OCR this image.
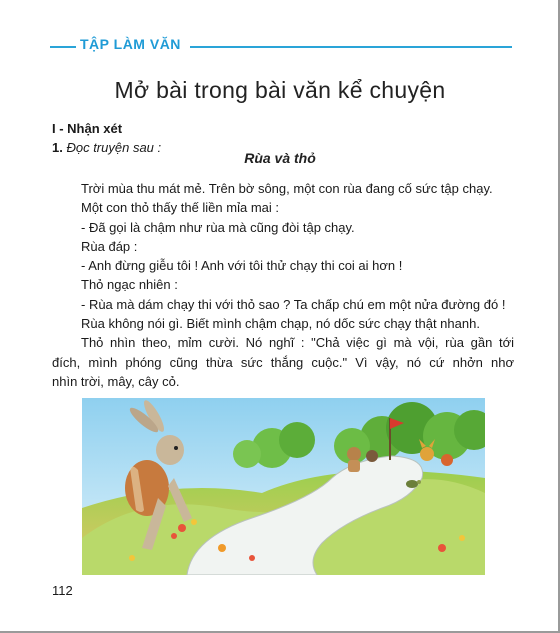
TẬP LÀM VĂN
Mở bài trong bài văn kể chuyện
I - Nhận xét
1. Đọc truyện sau :
Rùa và thỏ
Trời mùa thu mát mẻ. Trên bờ sông, một con rùa đang cố sức tập chạy.
Một con thỏ thấy thế liền mỉa mai :
- Đã gọi là chậm như rùa mà cũng đòi tập chạy.
Rùa đáp :
- Anh đừng giễu tôi ! Anh với tôi thử chạy thi coi ai hơn !
Thỏ ngạc nhiên :
- Rùa mà dám chạy thi với thỏ sao ? Ta chấp chú em một nửa đường đó !
Rùa không nói gì. Biết mình chậm chạp, nó dốc sức chạy thật nhanh.
Thỏ nhìn theo, mỉm cười. Nó nghĩ : "Chả việc gì mà vội, rùa gần tới
đích, mình phóng cũng thừa sức thắng cuộc." Vì vậy, nó cứ nhởn nhơ
nhìn trời, mây, cây cỏ.
112
